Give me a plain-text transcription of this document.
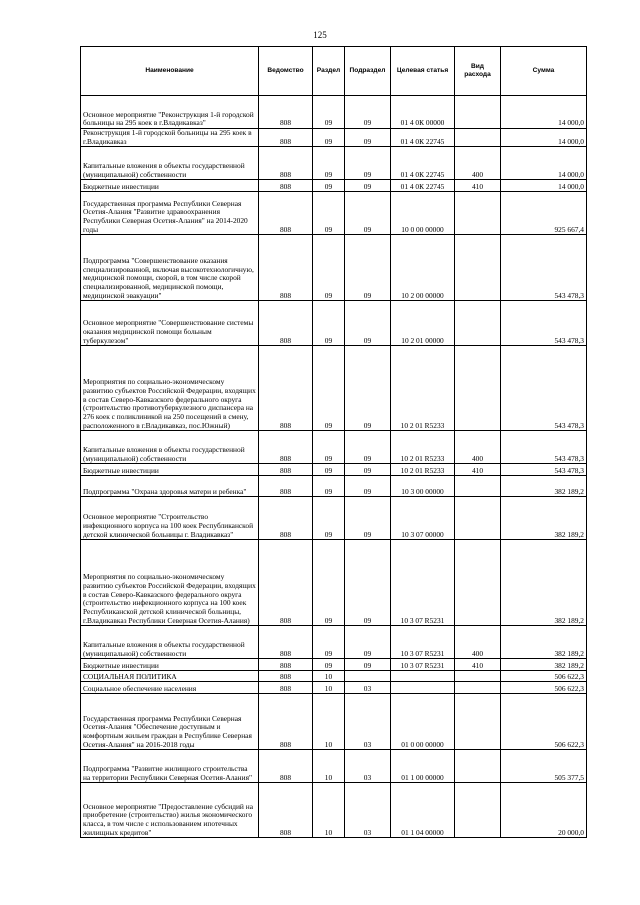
125
Наименование	Ведомство	Раздел	Подраздел	Целевая статья	Вид расхода	Сумма
Основное мероприятие "Реконструкция 1-й городской больницы на 295 коек в г.Владикавказ"	808	09	09	01 4 0К 00000		14 000,0
Реконструкция 1-й городской больницы на 295 коек в г.Владикавказ	808	09	09	01 4 0К 22745		14 000,0
Капитальные вложения в объекты государственной (муниципальной) собственности	808	09	09	01 4 0К 22745	400	14 000,0
Бюджетные инвестиции	808	09	09	01 4 0К 22745	410	14 000,0
Государственная программа Республики Северная Осетия-Алания "Развитие здравоохранения Республики Северная Осетия-Алания" на 2014-2020 годы	808	09	09	10 0 00 00000		925 667,4
Подпрограмма "Совершенствование оказания специализированной, включая высокотехнологичную, медицинской помощи, скорой, в том числе скорой специализированной, медицинской помощи, медицинской эвакуации"	808	09	09	10 2 00 00000		543 478,3
Основное мероприятие "Совершенствование системы оказания медицинской помощи больным туберкулезом"	808	09	09	10 2 01 00000		543 478,3
Мероприятия по социально-экономическому развитию субъектов Российской Федерации, входящих в состав Северо-Кавказского федерального округа (строительство противотуберкулезного диспансера на 276 коек с поликлиникой на 250 посещений в смену, расположенного в г.Владикавказ, пос.Южный)	808	09	09	10 2 01 R5233		543 478,3
Капитальные вложения в объекты государственной (муниципальной) собственности	808	09	09	10 2 01 R5233	400	543 478,3
Бюджетные инвестиции	808	09	09	10 2 01 R5233	410	543 478,3
Подпрограмма "Охрана здоровья матери и ребенка"	808	09	09	10 3 00 00000		382 189,2
Основное мероприятие "Строительство инфекционного корпуса на 100 коек Республиканской детской клинической больницы г. Владикавказ"	808	09	09	10 3 07 00000		382 189,2
Мероприятия по социально-экономическому развитию субъектов Российской Федерации, входящих в состав Северо-Кавказского федерального округа (строительство инфекционного корпуса на 100 коек Республиканской детской клинической больницы, г.Владикавказ Республики Северная Осетия-Алания)	808	09	09	10 3 07 R5231		382 189,2
Капитальные вложения в объекты государственной (муниципальной) собственности	808	09	09	10 3 07 R5231	400	382 189,2
Бюджетные инвестиции	808	09	09	10 3 07 R5231	410	382 189,2
СОЦИАЛЬНАЯ ПОЛИТИКА	808	10				506 622,3
Социальное обеспечение населения	808	10	03			506 622,3
Государственная программа Республики Северная Осетия-Алания "Обеспечение доступным и комфортным жильем граждан в Республике Северная Осетия-Алания" на 2016-2018 годы	808	10	03	01 0 00 00000		506 622,3
Подпрограмма "Развитие жилищного строительства на территории Республики Северная Осетия-Алания"	808	10	03	01 1 00 00000		505 377,5
Основное мероприятие "Предоставление субсидий на приобретение (строительство) жилья экономического класса, в том числе с использованием ипотечных жилищных кредитов"	808	10	03	01 1 04 00000		20 000,0
